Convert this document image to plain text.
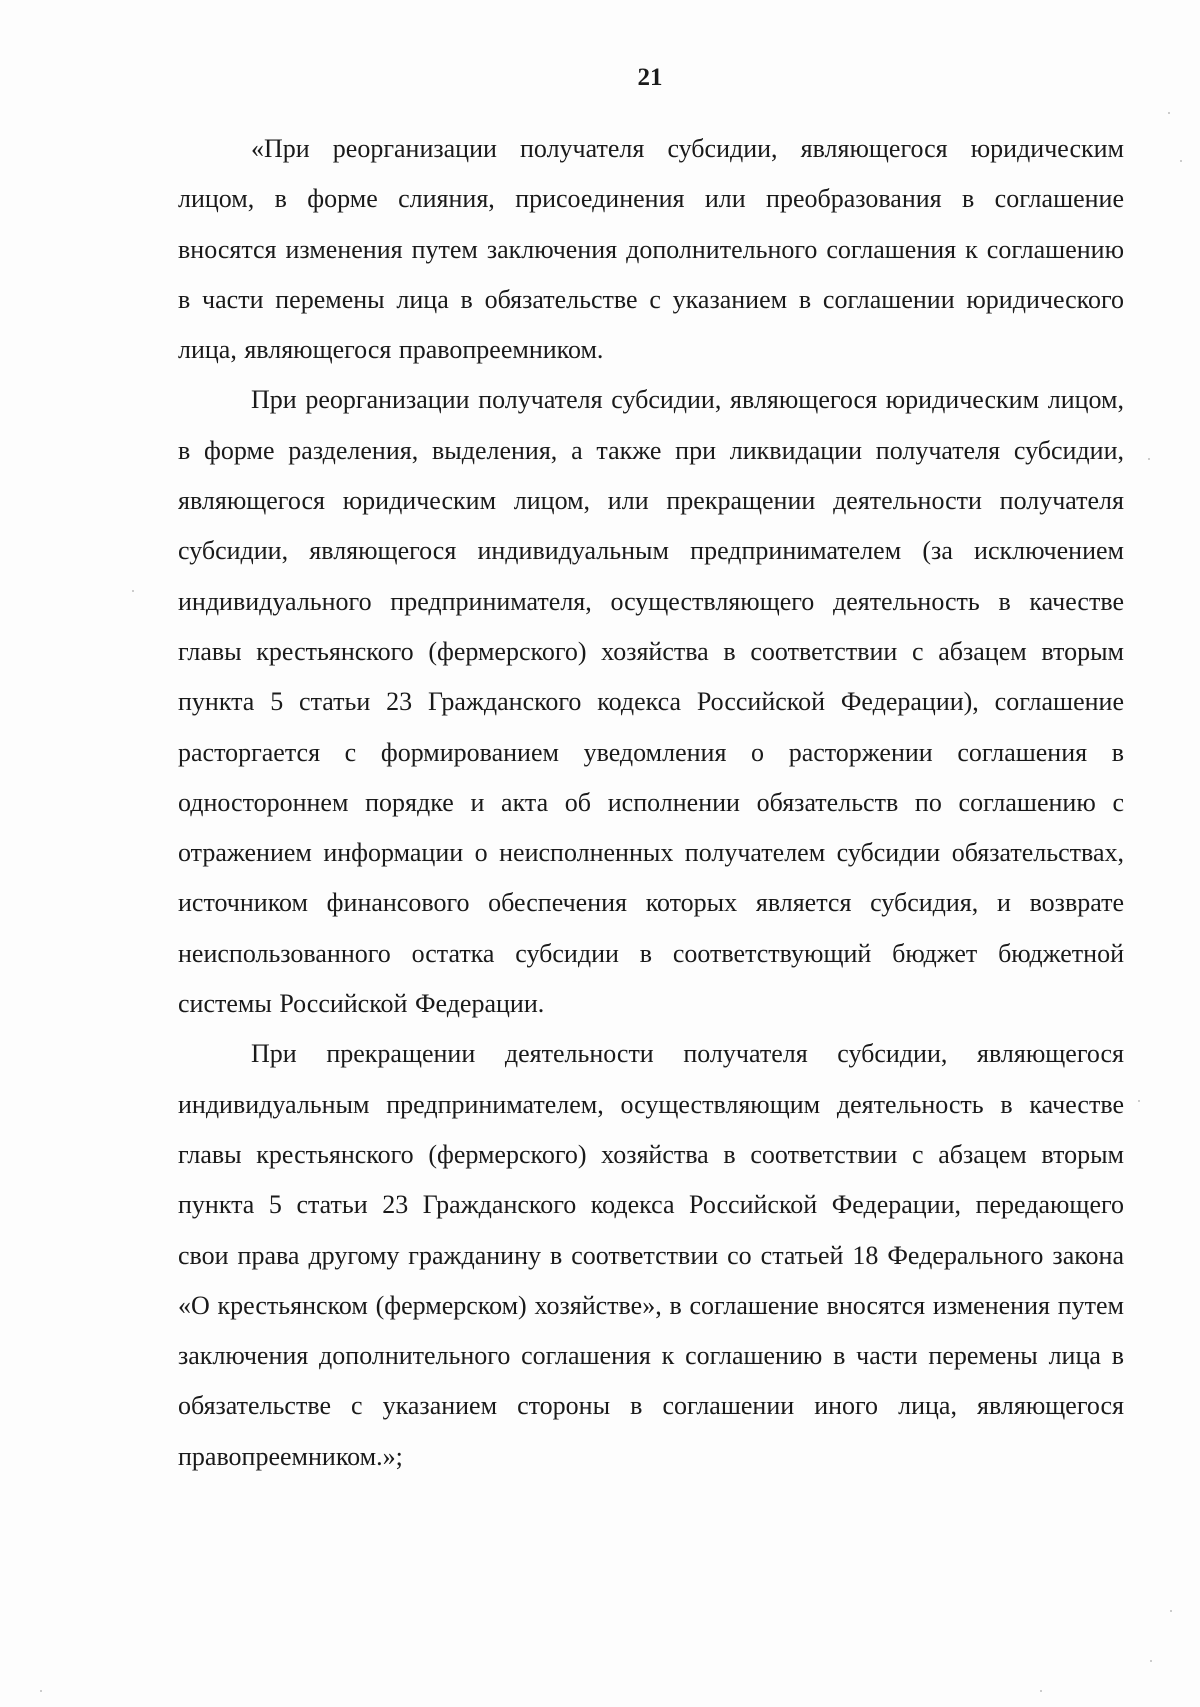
21

«При реорганизации получателя субсидии, являющегося юридическим лицом, в форме слияния, присоединения или преобразования в соглашение вносятся изменения путем заключения дополнительного соглашения к соглашению в части перемены лица в обязательстве с указанием в соглашении юридического лица, являющегося правопреемником.

При реорганизации получателя субсидии, являющегося юридическим лицом, в форме разделения, выделения, а также при ликвидации получателя субсидии, являющегося юридическим лицом, или прекращении деятельности получателя субсидии, являющегося индивидуальным предпринимателем (за исключением индивидуального предпринимателя, осуществляющего деятельность в качестве главы крестьянского (фермерского) хозяйства в соответствии с абзацем вторым пункта 5 статьи 23 Гражданского кодекса Российской Федерации), соглашение расторгается с формированием уведомления о расторжении соглашения в одностороннем порядке и акта об исполнении обязательств по соглашению с отражением информации о неисполненных получателем субсидии обязательствах, источником финансового обеспечения которых является субсидия, и возврате неиспользованного остатка субсидии в соответствующий бюджет бюджетной системы Российской Федерации.

При прекращении деятельности получателя субсидии, являющегося индивидуальным предпринимателем, осуществляющим деятельность в качестве главы крестьянского (фермерского) хозяйства в соответствии с абзацем вторым пункта 5 статьи 23 Гражданского кодекса Российской Федерации, передающего свои права другому гражданину в соответствии со статьей 18 Федерального закона «О крестьянском (фермерском) хозяйстве», в соглашение вносятся изменения путем заключения дополнительного соглашения к соглашению в части перемены лица в обязательстве с указанием стороны в соглашении иного лица, являющегося правопреемником.»;
